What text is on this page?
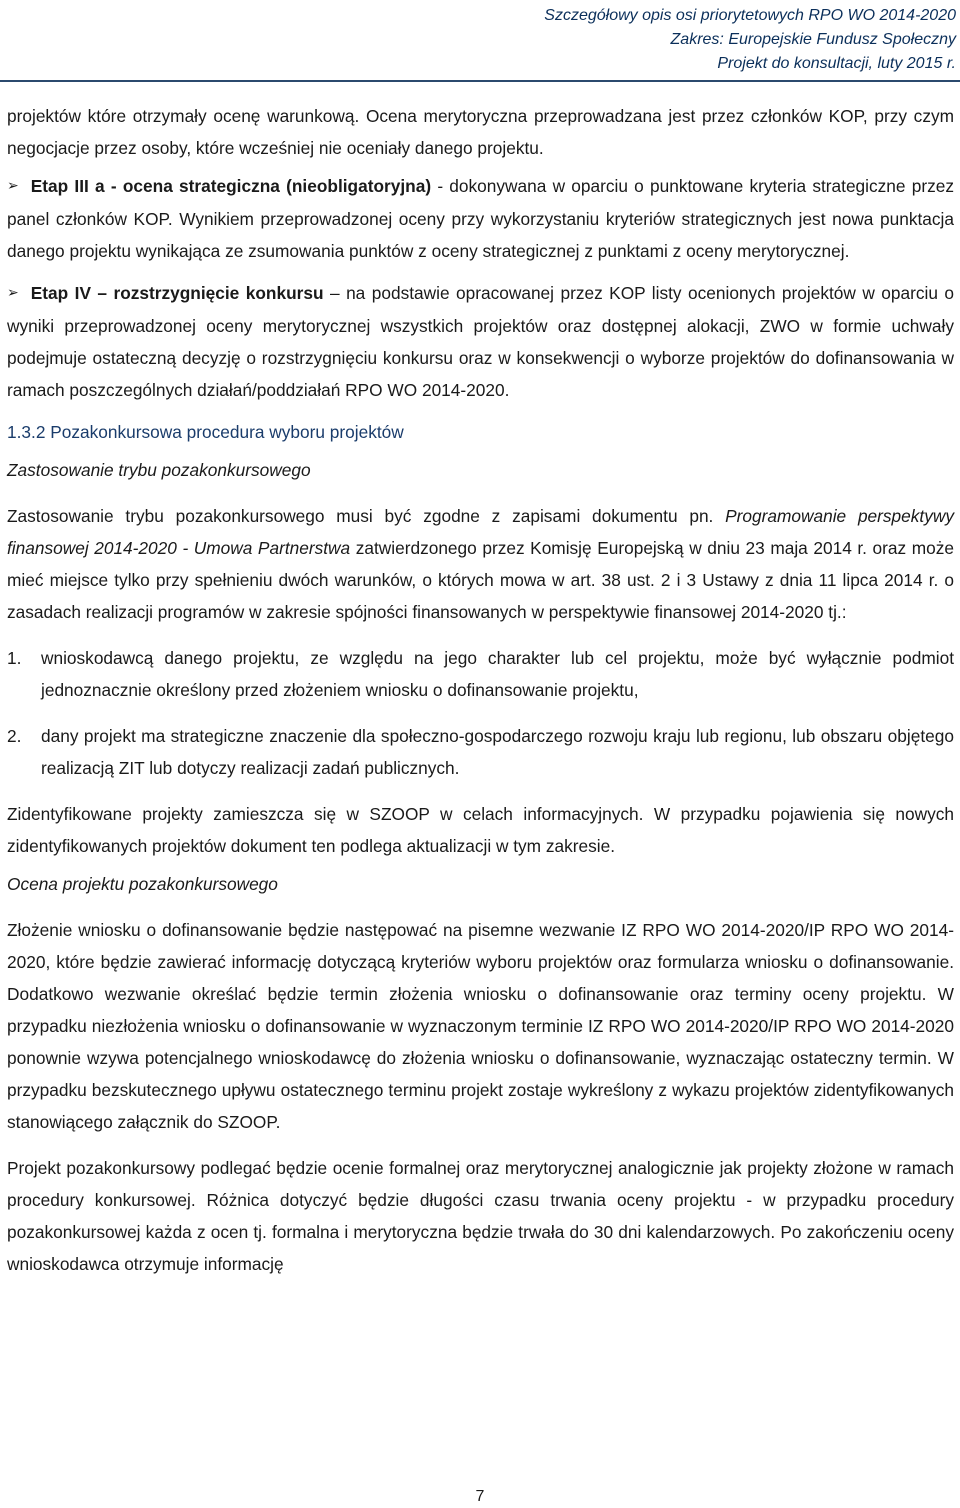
Szczegółowy opis osi priorytetowych RPO WO 2014-2020
Zakres: Europejskie Fundusz Społeczny
Projekt do konsultacji, luty 2015 r.

projektów które otrzymały ocenę warunkową. Ocena merytoryczna przeprowadzana jest przez członków KOP, przy czym negocjacje przez osoby, które wcześniej nie oceniały danego projektu.

➢ Etap III a - ocena strategiczna (nieobligatoryjna) - dokonywana w oparciu o punktowane kryteria strategiczne przez panel członków KOP. Wynikiem przeprowadzonej oceny przy wykorzystaniu kryteriów strategicznych jest nowa punktacja danego projektu wynikająca ze zsumowania punktów z oceny strategicznej z punktami z oceny merytorycznej.

➢ Etap IV – rozstrzygnięcie konkursu – na podstawie opracowanej przez KOP listy ocenionych projektów w oparciu o wyniki przeprowadzonej oceny merytorycznej wszystkich projektów oraz dostępnej alokacji, ZWO w formie uchwały podejmuje ostateczną decyzję o rozstrzygnięciu konkursu oraz w konsekwencji o wyborze projektów do dofinansowania w ramach poszczególnych działań/poddziałań RPO WO 2014-2020.

1.3.2 Pozakonkursowa procedura wyboru projektów

Zastosowanie trybu pozakonkursowego

Zastosowanie trybu pozakonkursowego musi być zgodne z zapisami dokumentu pn. Programowanie perspektywy finansowej 2014-2020 - Umowa Partnerstwa zatwierdzonego przez Komisję Europejską w dniu 23 maja 2014 r. oraz może mieć miejsce tylko przy spełnieniu dwóch warunków, o których mowa w art. 38 ust. 2 i 3 Ustawy z dnia 11 lipca 2014 r. o zasadach realizacji programów w zakresie spójności finansowanych w perspektywie finansowej 2014-2020 tj.:

1. wnioskodawcą danego projektu, ze względu na jego charakter lub cel projektu, może być wyłącznie podmiot jednoznacznie określony przed złożeniem wniosku o dofinansowanie projektu,
2. dany projekt ma strategiczne znaczenie dla społeczno-gospodarczego rozwoju kraju lub regionu, lub obszaru objętego realizacją ZIT lub dotyczy realizacji zadań publicznych.

Zidentyfikowane projekty zamieszcza się w SZOOP w celach informacyjnych. W przypadku pojawienia się nowych zidentyfikowanych projektów dokument ten podlega aktualizacji w tym zakresie.

Ocena projektu pozakonkursowego

Złożenie wniosku o dofinansowanie będzie następować na pisemne wezwanie IZ RPO WO 2014-2020/IP RPO WO 2014-2020, które będzie zawierać informację dotyczącą kryteriów wyboru projektów oraz formularza wniosku o dofinansowanie. Dodatkowo wezwanie określać będzie termin złożenia wniosku o dofinansowanie oraz terminy oceny projektu. W przypadku niezłożenia wniosku o dofinansowanie w wyznaczonym terminie IZ RPO WO 2014-2020/IP RPO WO 2014-2020 ponownie wzywa potencjalnego wnioskodawcę do złożenia wniosku o dofinansowanie, wyznaczając ostateczny termin. W przypadku bezskutecznego upływu ostatecznego terminu projekt zostaje wykreślony z wykazu projektów zidentyfikowanych stanowiącego załącznik do SZOOP.

Projekt pozakonkursowy podlegać będzie ocenie formalnej oraz merytorycznej analogicznie jak projekty złożone w ramach procedury konkursowej. Różnica dotyczyć będzie długości czasu trwania oceny projektu - w przypadku procedury pozakonkursowej każda z ocen tj. formalna i merytoryczna będzie trwała do 30 dni kalendarzowych. Po zakończeniu oceny wnioskodawca otrzymuje informację

7
